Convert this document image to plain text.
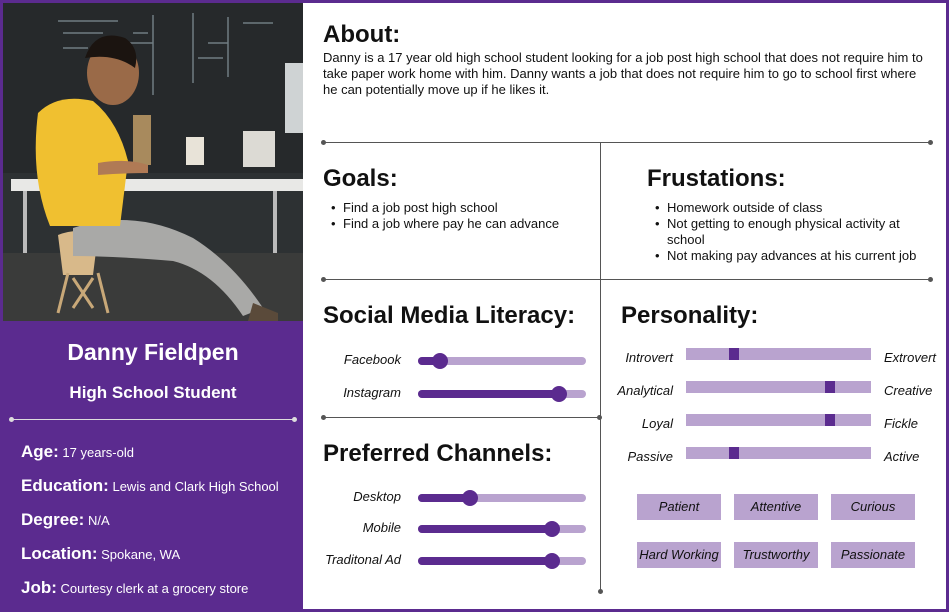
Danny Fieldpen
High School Student
Age: 17 years-old
Education: Lewis and Clark High School
Degree: N/A
Location: Spokane, WA
Job: Courtesy clerk at a grocery store
About:
Danny is a 17 year old high school student looking for a job post high school that does not require him to take paper work home with him. Danny wants a job that does not require him to go to school first where he can potentially move up if he likes it.
Goals:
• Find a job post high school
• Find a job where pay he can advance
Frustations:
• Homework outside of class
• Not getting to enough physical activity at school
• Not making pay advances at his current job
Social Media Literacy:
Facebook
Instagram
Preferred Channels:
Desktop
Mobile
Traditonal Ad
Personality:
Introvert	Extrovert
Analytical	Creative
Loyal	Fickle
Passive	Active
Patient	Attentive	Curious
Hard Working	Trustworthy	Passionate
